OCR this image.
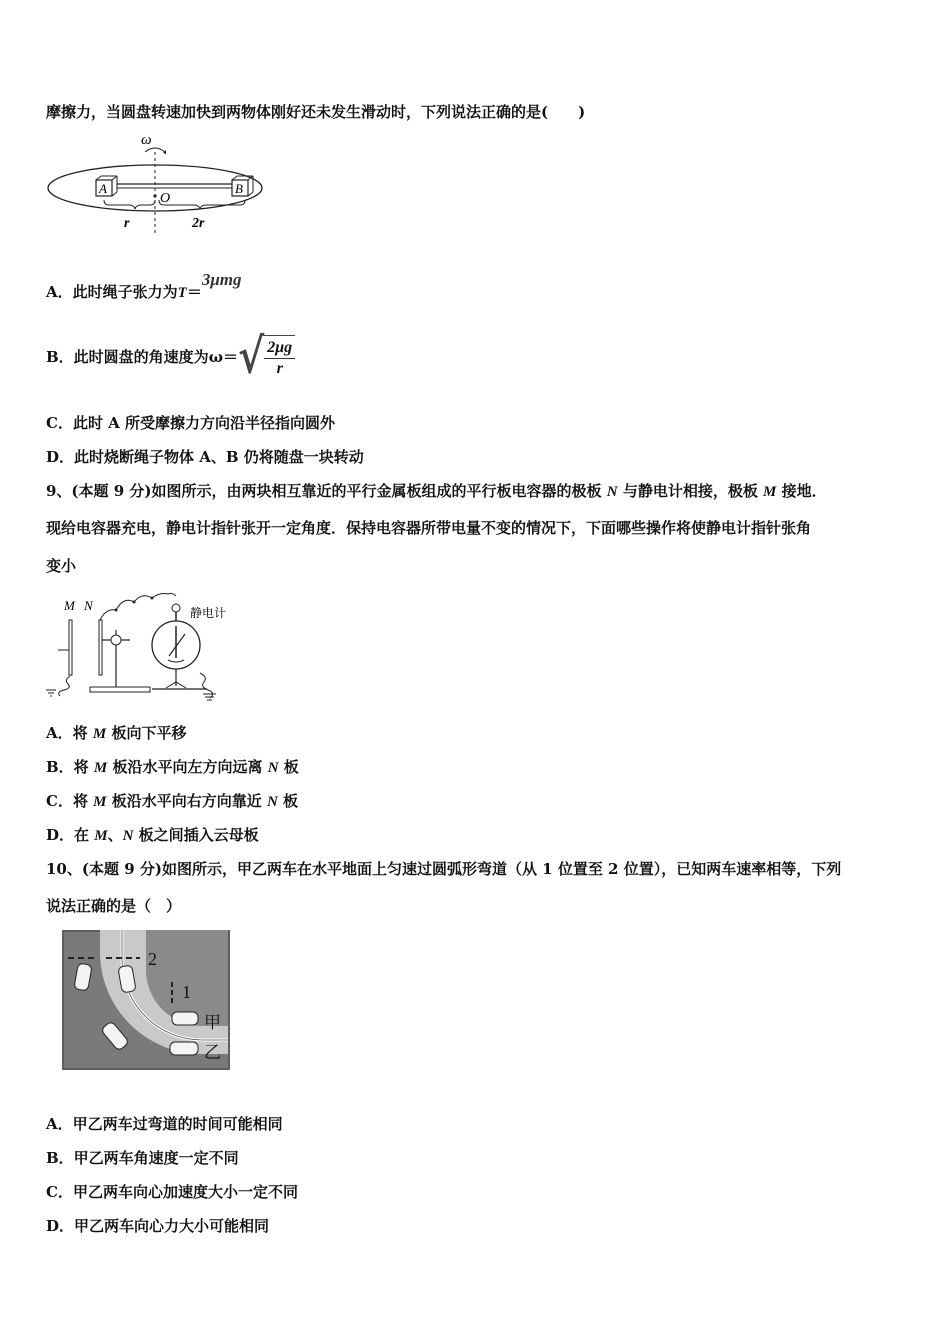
摩擦力，当圆盘转速加快到两物体刚好还未发生滑动时，下列说法正确的是(　　)
ω
A	B
O
r	2r
A．此时绳子张力为T＝3μmg
B．此时圆盘的角速度为 ω＝ √ $\frac{2\mu g}{r}$
C．此时 A 所受摩擦力方向沿半径指向圆外
D．此时烧断绳子物体 A、B 仍将随盘一块转动
9、(本题 9 分)如图所示，由两块相互靠近的平行金属板组成的平行板电容器的极板 N 与静电计相接，极板 M 接地．
现给电容器充电，静电计指针张开一定角度．保持电容器所带电量不变的情况下，下面哪些操作将使静电计指针张角
变小
M N	静电计
A．将 M 板向下平移
B．将 M 板沿水平向左方向远离 N 板
C．将 M 板沿水平向右方向靠近 N 板
D．在 M、N 板之间插入云母板
10、(本题 9 分)如图所示，甲乙两车在水平地面上匀速过圆弧形弯道（从 1 位置至 2 位置），已知两车速率相等，下列
说法正确的是（　）
2
1
甲
乙
A．甲乙两车过弯道的时间可能相同
B．甲乙两车角速度一定不同
C．甲乙两车向心加速度大小一定不同
D．甲乙两车向心力大小可能相同
